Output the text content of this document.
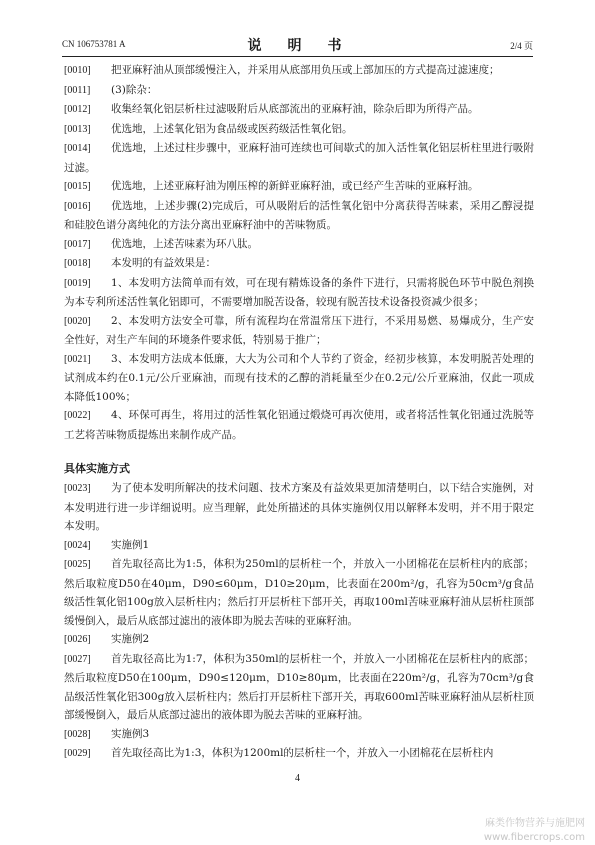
CN 106753781 A	说　明　书	2/4 页
[0010] 把亚麻籽油从顶部缓慢注入，并采用从底部用负压或上部加压的方式提高过滤速度；
[0011] (3)除杂：
[0012] 收集经氧化铝层析柱过滤吸附后从底部流出的亚麻籽油，除杂后即为所得产品。
[0013] 优选地，上述氧化铝为食品级或医药级活性氧化铝。
[0014] 优选地，上述过柱步骤中，亚麻籽油可连续也可间歇式的加入活性氧化铝层析柱里进行吸附过滤。
[0015] 优选地，上述亚麻籽油为刚压榨的新鲜亚麻籽油，或已经产生苦味的亚麻籽油。
[0016] 优选地，上述步骤(2)完成后，可从吸附后的活性氧化铝中分离获得苦味素，采用乙醇浸提和硅胶色谱分离纯化的方法分离出亚麻籽油中的苦味物质。
[0017] 优选地，上述苦味素为环八肽。
[0018] 本发明的有益效果是：
[0019] 1、本发明方法简单而有效，可在现有精炼设备的条件下进行，只需将脱色环节中脱色剂换为本专利所述活性氧化铝即可，不需要增加脱苦设备，较现有脱苦技术设备投资减少很多；
[0020] 2、本发明方法安全可靠，所有流程均在常温常压下进行，不采用易燃、易爆成分，生产安全性好，对生产车间的环境条件要求低，特别易于推广；
[0021] 3、本发明方法成本低廉，大大为公司和个人节约了资金，经初步核算，本发明脱苦处理的试剂成本约在0.1元/公斤亚麻油，而现有技术的乙醇的消耗量至少在0.2元/公斤亚麻油，仅此一项成本降低100%；
[0022] 4、环保可再生，将用过的活性氧化铝通过煅烧可再次使用，或者将活性氧化铝通过洗脱等工艺将苦味物质提炼出来制作成产品。
具体实施方式
[0023] 为了使本发明所解决的技术问题、技术方案及有益效果更加清楚明白，以下结合实施例，对本发明进行进一步详细说明。应当理解，此处所描述的具体实施例仅用以解释本发明，并不用于限定本发明。
[0024] 实施例1
[0025] 首先取径高比为1:5，体积为250ml的层析柱一个，并放入一小团棉花在层析柱内的底部；然后取粒度D50在40μm，D90≤60μm，D10≥20μm，比表面在200m²/g，孔容为50cm³/g食品级活性氧化铝100g放入层析柱内；然后打开层析柱下部开关，再取100ml苦味亚麻籽油从层析柱顶部缓慢倒入，最后从底部过滤出的液体即为脱去苦味的亚麻籽油。
[0026] 实施例2
[0027] 首先取径高比为1:7，体积为350ml的层析柱一个，并放入一小团棉花在层析柱内的底部；然后取粒度D50在100μm，D90≤120μm，D10≥80μm，比表面在220m²/g，孔容为70cm³/g食品级活性氧化铝300g放入层析柱内；然后打开层析柱下部开关，再取600ml苦味亚麻籽油从层析柱顶部缓慢倒入，最后从底部过滤出的液体即为脱去苦味的亚麻籽油。
[0028] 实施例3
[0029] 首先取径高比为1:3，体积为1200ml的层析柱一个，并放入一小团棉花在层析柱内
4
麻类作物营养与施肥网
www.fibercrops.com
